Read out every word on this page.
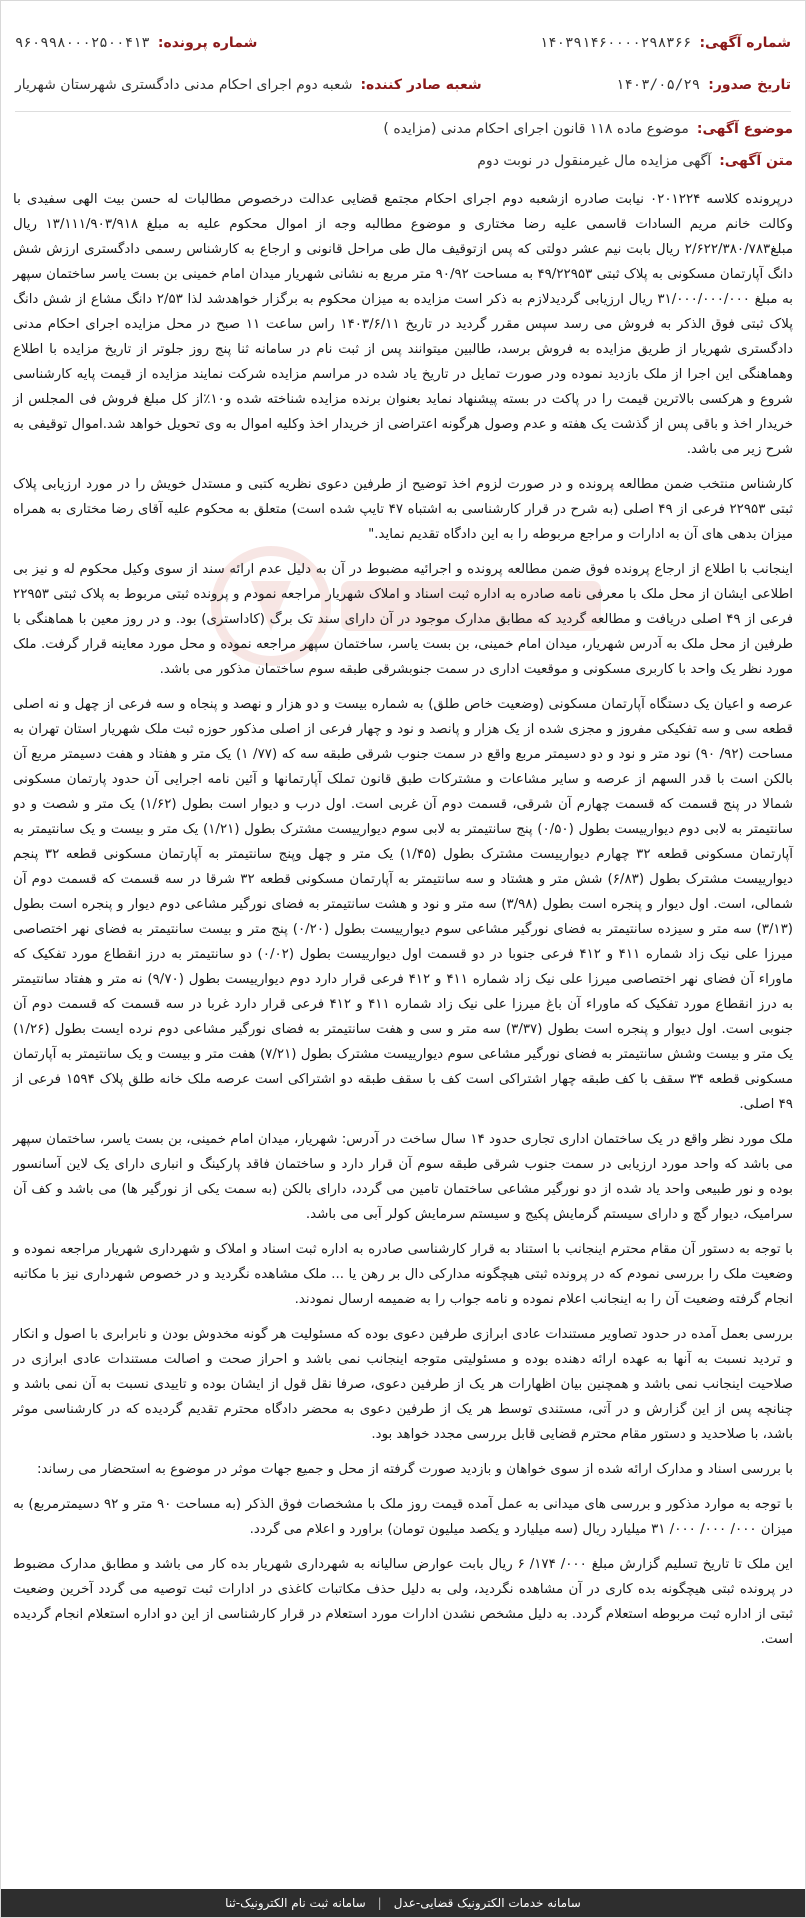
شماره آگهی:
۱۴۰۳۹۱۴۶۰۰۰۰۲۹۸۳۶۶
شماره پرونده:
۹۶۰۹۹۸۰۰۰۲۵۰۰۴۱۳
تاریخ صدور:
۱۴۰۳/۰۵/۲۹
شعبه صادر کننده:
شعبه دوم اجرای احکام مدنی دادگستری شهرستان شهریار
موضوع آگهی:
موضوع ماده ۱۱۸ قانون اجرای احکام مدنی (مزایده )
متن آگهی:
آگهی مزایده مال غیرمنقول در نوبت دوم

درپرونده کلاسه ۰۲۰۱۲۲۴ نیابت صادره ازشعبه دوم اجرای احکام مجتمع قضایی عدالت درخصوص مطالبات له حسن بیت الهی سفیدی با وکالت خانم مریم السادات قاسمی علیه رضا مختاری و موضوع مطالبه وجه از اموال محکوم علیه به مبلغ ۱۳/۱۱۱/۹۰۳/۹۱۸ ریال مبلغ۲/۶۲۲/۳۸۰/۷۸۳ ریال بابت نیم عشر دولتی که پس ازتوقیف مال طی مراحل قانونی و ارجاع به کارشناس رسمی دادگستری ارزش شش دانگ آپارتمان مسکونی به پلاک ثبتی ۴۹/۲۲۹۵۳ به مساحت ۹۰/۹۲ متر مربع به نشانی شهریار میدان امام خمینی بن بست یاسر ساختمان سپهر به مبلغ ۳۱/۰۰۰/۰۰۰/۰۰۰ ریال ارزیابی گردیدلازم به ذکر است مزایده به میزان محکوم به برگزار خواهدشد لذا ۲/۵۳ دانگ مشاع از شش دانگ پلاک ثبتی فوق الذکر به فروش می رسد سپس مقرر گردید در تاریخ ۱۴۰۳/۶/۱۱ راس ساعت ۱۱ صبح در محل مزایده اجرای احکام مدنی دادگستری شهریار از طریق مزایده به فروش برسد، طالبین میتوانند پس از ثبت نام در سامانه ثنا پنج روز جلوتر از تاریخ مزایده با اطلاع وهماهنگی این اجرا از ملک بازدید نموده ودر صورت تمایل در تاریخ یاد شده در مراسم مزایده شرکت نمایند مزایده از قیمت پایه کارشناسی شروع و هرکسی بالاترین قیمت را در پاکت در بسته پیشنهاد نماید بعنوان برنده مزایده شناخته شده و۱۰٪از کل مبلغ فروش فی المجلس از خریدار اخذ و باقی پس از گذشت یک هفته و عدم وصول هرگونه اعتراضی از خریدار اخذ وکلیه اموال به وی تحویل خواهد شد.اموال توقیفی به شرح زیر می باشد.

کارشناس منتخب ضمن مطالعه پرونده و در صورت لزوم اخذ توضیح از طرفین دعوی نظریه کتبی و مستدل خویش را در مورد ارزیابی پلاک ثبتی ۲۲۹۵۳ فرعی از ۴۹ اصلی (به شرح در قرار کارشناسی به اشتباه ۴۷ تایپ شده است) متعلق به محکوم علیه آقای رضا مختاری به همراه میزان بدهی های آن به ادارات و مراجع مربوطه را به این دادگاه تقدیم نماید."

اینجانب با اطلاع از ارجاع پرونده فوق ضمن مطالعه پرونده و اجرائیه مضبوط در آن به دلیل عدم ارائه سند از سوی وکیل محکوم له و نیز بی اطلاعی ایشان از محل ملک با معرفی نامه صادره به اداره ثبت اسناد و املاک شهریار مراجعه نمودم و پرونده ثبتی مربوط به پلاک ثبتی ۲۲۹۵۳ فرعی از ۴۹ اصلی دریافت و مطالعه گردید که مطابق مدارک موجود در آن دارای سند تک برگ (کاداستری) بود. و در روز معین با هماهنگی با طرفین از محل ملک به آدرس شهریار، میدان امام خمینی، بن بست یاسر، ساختمان سپهر مراجعه نموده و محل مورد معاینه قرار گرفت. ملک مورد نظر یک واحد با کاربری مسکونی و موقعیت اداری در سمت جنوبشرقی طبقه سوم ساختمان مذکور می باشد.

عرصه و اعیان یک دستگاه آپارتمان مسکونی (وضعیت خاص طلق) به شماره بیست و دو هزار و نهصد و پنجاه و سه فرعی از چهل و نه اصلی قطعه سی و سه تفکیکی مفروز و مجزی شده از یک هزار و پانصد و نود و چهار فرعی از اصلی مذکور حوزه ثبت ملک شهریار استان تهران به مساحت (۹۲/ ۹۰) نود متر و نود و دو دسیمتر مربع واقع در سمت جنوب شرقی طبقه سه که (۷۷/ ۱) یک متر و هفتاد و هفت دسیمتر مربع آن بالکن است با قدر السهم از عرصه و سایر مشاعات و مشترکات طبق قانون تملک آپارتمانها و آئین نامه اجرایی آن حدود پارتمان مسکونی شمالا در پنج قسمت که قسمت چهارم آن شرقی، قسمت دوم آن غربی است. اول درب و دیوار است بطول (۱/۶۲) یک متر و شصت و دو سانتیمتر به لابی دوم دیوارییست بطول (۰/۵۰) پنج سانتیمتر به لابی سوم دیوارییست مشترک بطول (۱/۲۱) یک متر و بیست و یک سانتیمتر به آپارتمان مسکونی قطعه ۳۲ چهارم دیوارییست مشترک بطول (۱/۴۵) یک متر و چهل وپنج سانتیمتر به آپارتمان مسکونی قطعه ۳۲ پنجم دیوارییست مشترک بطول (۶/۸۳) شش متر و هشتاد و سه سانتیمتر به آپارتمان مسکونی قطعه ۳۲ شرقا در سه قسمت که قسمت دوم آن شمالی، است. اول دیوار و پنجره است بطول (۳/۹۸) سه متر و نود و هشت سانتیمتر به فضای نورگیر مشاعی دوم دیوار و پنجره است بطول (۳/۱۳) سه متر و سیزده سانتیمتر به فضای نورگیر مشاعی سوم دیوارییست بطول (۰/۲۰) پنج متر و بیست سانتیمتر به فضای نهر اختصاصی میرزا علی نیک زاد شماره ۴۱۱ و ۴۱۲ فرعی جنوبا در دو قسمت اول دیوارییست بطول (۰/۰۲) دو سانتیمتر به درز انقطاع مورد تفکیک که ماوراء آن فضای نهر اختصاصی میرزا علی نیک زاد شماره ۴۱۱ و ۴۱۲ فرعی قرار دارد دوم دیوارییست بطول (۹/۷۰) نه متر و هفتاد سانتیمتر به درز انقطاع مورد تفکیک که ماوراء آن باغ میرزا علی نیک زاد شماره ۴۱۱ و ۴۱۲ فرعی قرار دارد غربا در سه قسمت که قسمت دوم آن جنوبی است. اول دیوار و پنجره است بطول (۳/۳۷) سه متر و سی و هفت سانتیمتر به فضای نورگیر مشاعی دوم نرده ایست بطول (۱/۲۶) یک متر و بیست وشش سانتیمتر به فضای نورگیر مشاعی سوم دیوارییست مشترک بطول (۷/۲۱) هفت متر و بیست و یک سانتیمتر به آپارتمان مسکونی قطعه ۳۴ سقف با کف طبقه چهار اشتراکی است کف با سقف طبقه دو اشتراکی است عرصه ملک خانه طلق پلاک ۱۵۹۴ فرعی از ۴۹ اصلی.

ملک مورد نظر واقع در یک ساختمان اداری تجاری حدود ۱۴ سال ساخت در آدرس: شهریار، میدان امام خمینی، بن بست یاسر، ساختمان سپهر می باشد که واحد مورد ارزیابی در سمت جنوب شرقی طبقه سوم آن قرار دارد و ساختمان فاقد پارکینگ و انباری دارای یک لاین آسانسور بوده و نور طبیعی واحد یاد شده از دو نورگیر مشاعی ساختمان تامین می گردد، دارای بالکن (به سمت یکی از نورگیر ها) می باشد و کف آن سرامیک، دیوار گچ و دارای سیستم گرمایش پکیج و سیستم سرمایش کولر آبی می باشد.

با توجه به دستور آن مقام محترم اینجانب با استناد به قرار کارشناسی صادره به اداره ثبت اسناد و املاک و شهرداری شهریار مراجعه نموده و وضعیت ملک را بررسی نمودم که در پرونده ثبتی هیچگونه مدارکی دال بر رهن یا ... ملک مشاهده نگردید و در خصوص شهرداری نیز با مکاتبه انجام گرفته وضعیت آن را به اینجانب اعلام نموده و نامه جواب را به ضمیمه ارسال نمودند.

بررسی بعمل آمده در حدود تصاویر مستندات عادی ابرازی طرفین دعوی بوده که مسئولیت هر گونه مخدوش بودن و نابرابری با اصول و انکار و تردید نسبت به آنها به عهده ارائه دهنده بوده و مسئولیتی متوجه اینجانب نمی باشد و احراز صحت و اصالت مستندات عادی ابرازی در صلاحیت اینجانب نمی باشد و همچنین بیان اظهارات هر یک از طرفین دعوی، صرفا نقل قول از ایشان بوده و تاییدی نسبت به آن نمی باشد و چنانچه پس از این گزارش و در آتی، مستندی توسط هر یک از طرفین دعوی به محضر دادگاه محترم تقدیم گردیده که در کارشناسی موثر باشد، با صلاحدید و دستور مقام محترم قضایی قابل بررسی مجدد خواهد بود.

با بررسی اسناد و مدارک ارائه شده از سوی خواهان و بازدید صورت گرفته از محل و جمیع جهات موثر در موضوع به استحضار می رساند:

با توجه به موارد مذکور و بررسی های میدانی به عمل آمده قیمت روز ملک با مشخصات فوق الذکر (به مساحت ۹۰ متر و ۹۲ دسیمترمربع) به میزان ۰۰۰/ ۰۰۰/ ۰۰۰/ ۳۱ میلیارد ریال (سه میلیارد و یکصد میلیون تومان) براورد و اعلام می گردد.

این ملک تا تاریخ تسلیم گزارش مبلغ ۰۰۰/ ۱۷۴/ ۶ ریال بابت عوارض سالیانه به شهرداری شهریار بده کار می باشد و مطابق مدارک مضبوط در پرونده ثبتی هیچگونه بده کاری در آن مشاهده نگردید، ولی به دلیل حذف مکاتبات کاغذی در ادارات ثبت توصیه می گردد آخرین وضعیت ثبتی از اداره ثبت مربوطه استعلام گردد. به دلیل مشخص نشدن ادارات مورد استعلام در قرار کارشناسی از این دو اداره استعلام انجام گردیده است.

سامانه خدمات الکترونیک قضایی-عدل
|
سامانه ثبت نام الکترونیک-ثنا
